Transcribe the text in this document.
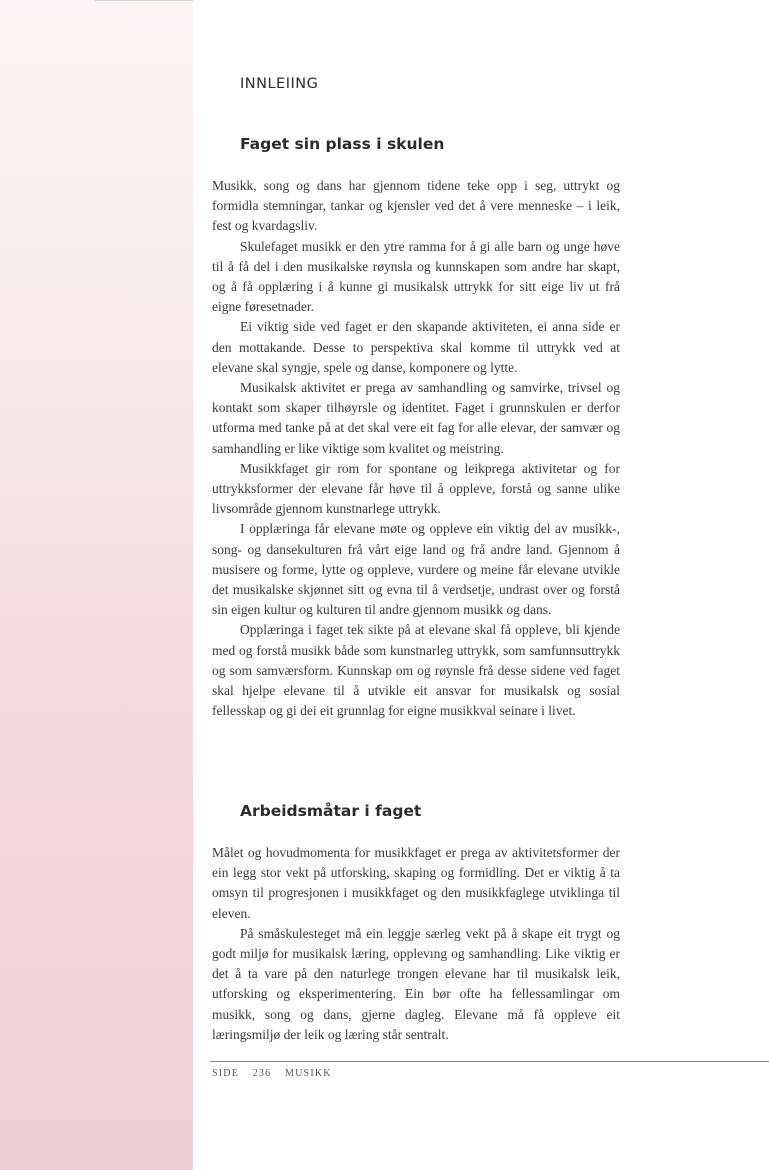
INNLEIING
Faget sin plass i skulen

Musikk, song og dans har gjennom tidene teke opp i seg, uttrykt og formidla stemningar, tankar og kjensler ved det å vere menneske – i leik, fest og kvardagsliv.

Skulefaget musikk er den ytre ramma for å gi alle barn og unge høve til å få del i den musikalske røynsla og kunnskapen som andre har skapt, og å få opplæring i å kunne gi musikalsk uttrykk for sitt eige liv ut frå eigne føresetnader.

Ei viktig side ved faget er den skapande aktiviteten, ei anna side er den mottakande. Desse to perspektiva skal komme til uttrykk ved at elevane skal syngje, spele og danse, komponere og lytte.

Musikalsk aktivitet er prega av samhandling og samvirke, trivsel og kontakt som skaper tilhøyrsle og identitet. Faget i grunnskulen er derfor utforma med tanke på at det skal vere eit fag for alle elevar, der samvær og samhandling er like viktige som kvalitet og meistring.

Musikkfaget gir rom for spontane og leikprega aktivitetar og for uttrykksformer der elevane får høve til å oppleve, forstå og sanne ulike livsområde gjennom kunstnarlege uttrykk.

I opplæringa får elevane møte og oppleve ein viktig del av musikk-, song- og dansekulturen frå vårt eige land og frå andre land. Gjennom å musisere og forme, lytte og oppleve, vurdere og meine får elevane utvikle det musikalske skjønnet sitt og evna til å verdsetje, undrast over og forstå sin eigen kultur og kulturen til andre gjennom musikk og dans.

Opplæringa i faget tek sikte på at elevane skal få oppleve, bli kjende med og forstå musikk både som kunstnarleg uttrykk, som samfunnsuttrykk og som samværsform. Kunnskap om og røynsle frå desse sidene ved faget skal hjelpe elevane til å utvikle eit ansvar for musikalsk og sosial fellesskap og gi dei eit grunnlag for eigne musikkval seinare i livet.

Arbeidsmåtar i faget

Målet og hovudmomenta for musikkfaget er prega av aktivitetsformer der ein legg stor vekt på utforsking, skaping og formidling. Det er viktig å ta omsyn til progresjonen i musikkfaget og den musikkfaglege utviklinga til eleven.

På småskulesteget må ein leggje særleg vekt på å skape eit trygt og godt miljø for musikalsk læring, opplevıng og samhandling. Like viktig er det å ta vare på den naturlege trongen elevane har til musikalsk leik, utforsking og eksperimentering. Ein bør ofte ha fellessamlingar om musikk, song og dans, gjerne dagleg. Elevane må få oppleve eit læringsmiljø der leik og læring står sentralt.

SIDE 236 MUSIKK
